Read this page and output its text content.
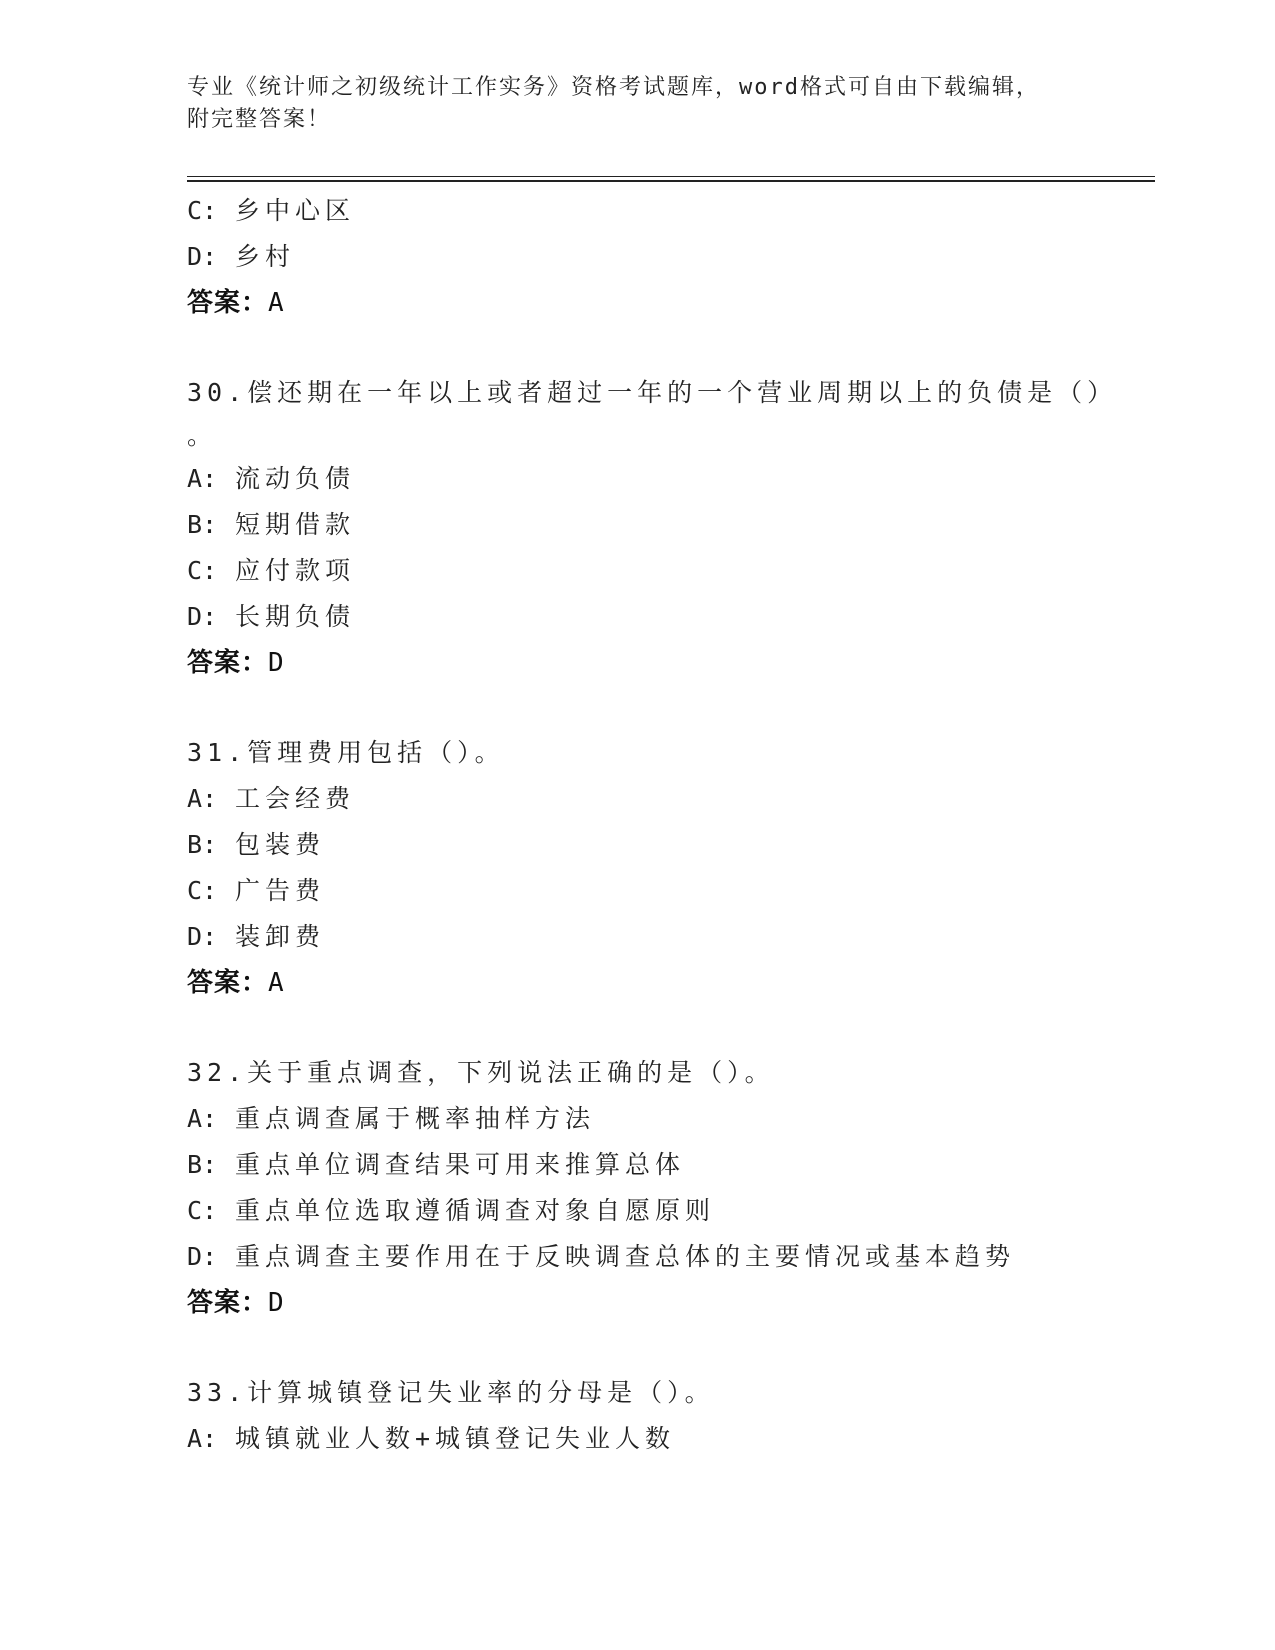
专业《统计师之初级统计工作实务》资格考试题库，word格式可自由下载编辑，
附完整答案！
C: 乡中心区
D: 乡村
答案：A
30.偿还期在一年以上或者超过一年的一个营业周期以上的负债是（）
。
A: 流动负债
B: 短期借款
C: 应付款项
D: 长期负债
答案：D
31.管理费用包括（）。
A: 工会经费
B: 包装费
C: 广告费
D: 装卸费
答案：A
32.关于重点调查，下列说法正确的是（）。
A: 重点调查属于概率抽样方法
B: 重点单位调查结果可用来推算总体
C: 重点单位选取遵循调查对象自愿原则
D: 重点调查主要作用在于反映调查总体的主要情况或基本趋势
答案：D
33.计算城镇登记失业率的分母是（）。
A: 城镇就业人数+城镇登记失业人数
